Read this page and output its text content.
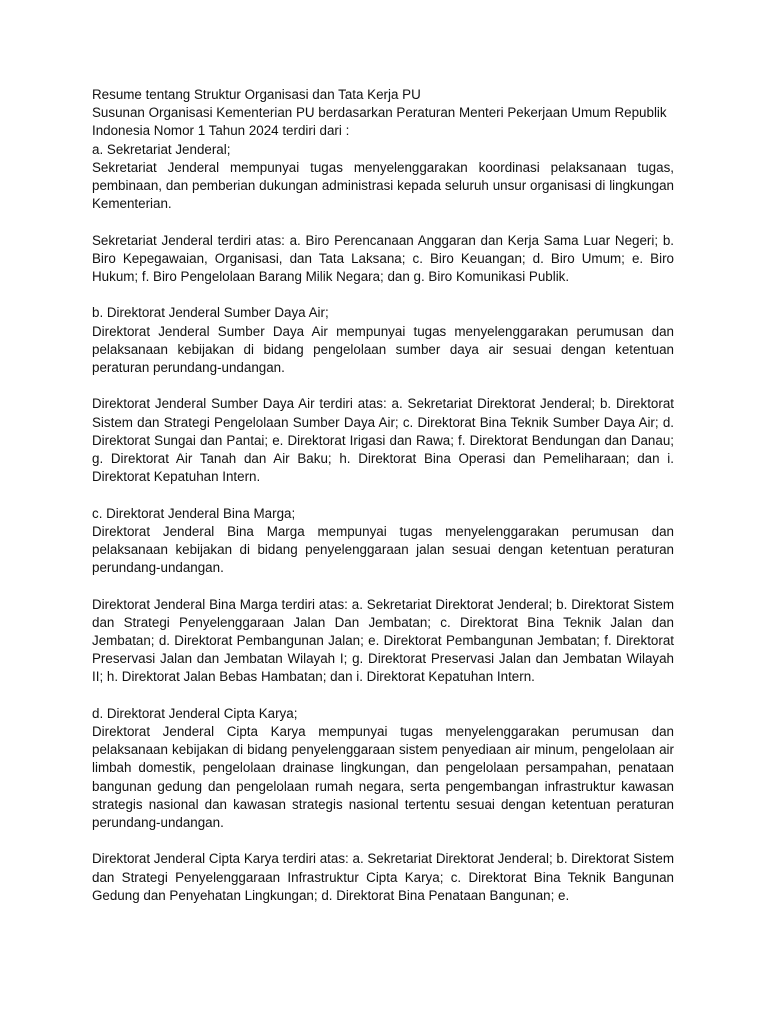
Resume tentang Struktur Organisasi dan Tata Kerja PU

Susunan Organisasi Kementerian PU berdasarkan Peraturan Menteri Pekerjaan Umum Republik Indonesia Nomor 1 Tahun 2024 terdiri dari :

a. Sekretariat Jenderal;

Sekretariat Jenderal mempunyai tugas menyelenggarakan koordinasi pelaksanaan tugas, pembinaan, dan pemberian dukungan administrasi kepada seluruh unsur organisasi di lingkungan Kementerian.

Sekretariat Jenderal terdiri atas: a. Biro Perencanaan Anggaran dan Kerja Sama Luar Negeri; b. Biro Kepegawaian, Organisasi, dan Tata Laksana; c. Biro Keuangan; d. Biro Umum; e. Biro Hukum; f. Biro Pengelolaan Barang Milik Negara; dan g. Biro Komunikasi Publik.

b. Direktorat Jenderal Sumber Daya Air;

Direktorat Jenderal Sumber Daya Air mempunyai tugas menyelenggarakan perumusan dan pelaksanaan kebijakan di bidang pengelolaan sumber daya air sesuai dengan ketentuan peraturan perundang-undangan.

Direktorat Jenderal Sumber Daya Air terdiri atas: a. Sekretariat Direktorat Jenderal; b. Direktorat Sistem dan Strategi Pengelolaan Sumber Daya Air; c. Direktorat Bina Teknik Sumber Daya Air; d. Direktorat Sungai dan Pantai; e. Direktorat Irigasi dan Rawa; f. Direktorat Bendungan dan Danau; g. Direktorat Air Tanah dan Air Baku; h. Direktorat Bina Operasi dan Pemeliharaan; dan i. Direktorat Kepatuhan Intern.

c. Direktorat Jenderal Bina Marga;

Direktorat Jenderal Bina Marga mempunyai tugas menyelenggarakan perumusan dan pelaksanaan kebijakan di bidang penyelenggaraan jalan sesuai dengan ketentuan peraturan perundang-undangan.

Direktorat Jenderal Bina Marga terdiri atas: a. Sekretariat Direktorat Jenderal; b. Direktorat Sistem dan Strategi Penyelenggaraan Jalan Dan Jembatan; c. Direktorat Bina Teknik Jalan dan Jembatan; d. Direktorat Pembangunan Jalan; e. Direktorat Pembangunan Jembatan; f. Direktorat Preservasi Jalan dan Jembatan Wilayah I; g. Direktorat Preservasi Jalan dan Jembatan Wilayah II; h. Direktorat Jalan Bebas Hambatan; dan i. Direktorat Kepatuhan Intern.

d. Direktorat Jenderal Cipta Karya;

Direktorat Jenderal Cipta Karya mempunyai tugas menyelenggarakan perumusan dan pelaksanaan kebijakan di bidang penyelenggaraan sistem penyediaan air minum, pengelolaan air limbah domestik, pengelolaan drainase lingkungan, dan pengelolaan persampahan, penataan bangunan gedung dan pengelolaan rumah negara, serta pengembangan infrastruktur kawasan strategis nasional dan kawasan strategis nasional tertentu sesuai dengan ketentuan peraturan perundang-undangan.

Direktorat Jenderal Cipta Karya terdiri atas: a. Sekretariat Direktorat Jenderal; b. Direktorat Sistem dan Strategi Penyelenggaraan Infrastruktur Cipta Karya; c. Direktorat Bina Teknik Bangunan Gedung dan Penyehatan Lingkungan; d. Direktorat Bina Penataan Bangunan; e.
